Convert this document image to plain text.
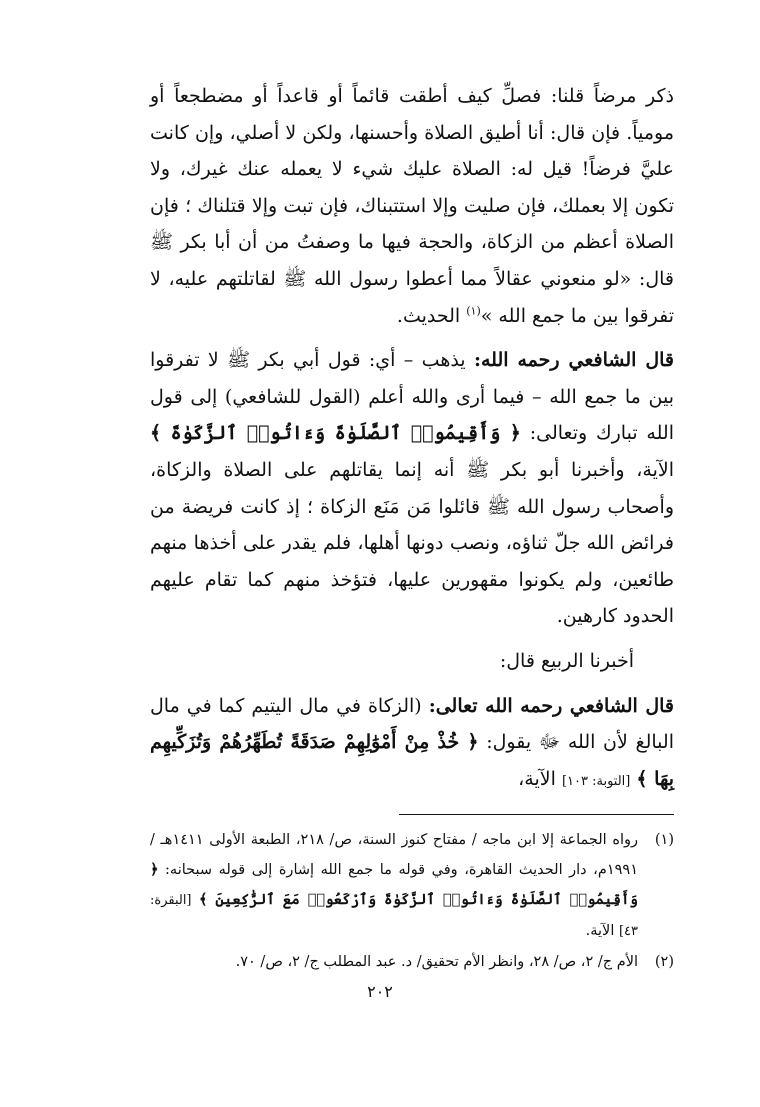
ذكر مرضاً قلنا: فصلِّ كيف أطقت قائماً أو قاعداً أو مضطجعاً أو مومياً. فإن قال: أنا أطيق الصلاة وأحسنها، ولكن لا أصلي، وإن كانت عليَّ فرضاً! قيل له: الصلاة عليك شيء لا يعمله عنك غيرك، ولا تكون إلا بعملك، فإن صليت وإلا استتبناك، فإن تبت وإلا قتلناك ؛ فإن الصلاة أعظم من الزكاة، والحجة فيها ما وصفتُ من أن أبا بكر ﷺ قال: «لو منعوني عقالاً مما أعطوا رسول الله ﷺ لقاتلتهم عليه، لا تفرقوا بين ما جمع الله »$^{(١)}$ الحديث.

قال الشافعي رحمه الله: يذهب – أي: قول أبي بكر ﷺ لا تفرقوا بين ما جمع الله – فيما أرى والله أعلم (القول للشافعي) إلى قول الله تبارك وتعالى: ﴿ وَأَقِيمُوا۟ ٱلصَّلَوٰةَ وَءَاتُوا۟ ٱلزَّكَوٰةَ ﴾ الآية، وأخبرنا أبو بكر ﷺ أنه إنما يقاتلهم على الصلاة والزكاة، وأصحاب رسول الله ﷺ قائلوا مَن مَنَع الزكاة ؛ إذ كانت فريضة من فرائض الله جلّ ثناؤه، ونصب دونها أهلها، فلم يقدر على أخذها منهم طائعين، ولم يكونوا مقهورين عليها، فتؤخذ منهم كما تقام عليهم الحدود كارهين.

أخبرنا الربيع قال:

قال الشافعي رحمه الله تعالى: (الزكاة في مال اليتيم كما في مال البالغ لأن الله ﷻ يقول: ﴿ خُذْ مِنْ أَمْوَٰلِهِمْ صَدَقَةً تُطَهِّرُهُمْ وَتُزَكِّيهِم بِهَا ﴾ [التوبة: ١٠٣] الآية،

(١)
رواه الجماعة إلا ابن ماجه / مفتاح كنوز السنة، ص/ ٢١٨، الطبعة الأولى ١٤١١هـ / ١٩٩١م، دار الحديث القاهرة، وفي قوله ما جمع الله إشارة إلى قوله سبحانه: ﴿ وَأَقِيمُوا۟ ٱلصَّلَوٰةَ وَءَاتُوا۟ ٱلزَّكَوٰةَ وَٱرْكَعُوا۟ مَعَ ٱلرَّٰكِعِينَ ﴾ [البقرة: ٤٣] الآية.
(٢)
الأم ج/ ٢، ص/ ٢٨، وانظر الأم تحقيق/ د. عبد المطلب ج/ ٢، ص/ ٧٠.
٢٠٢
